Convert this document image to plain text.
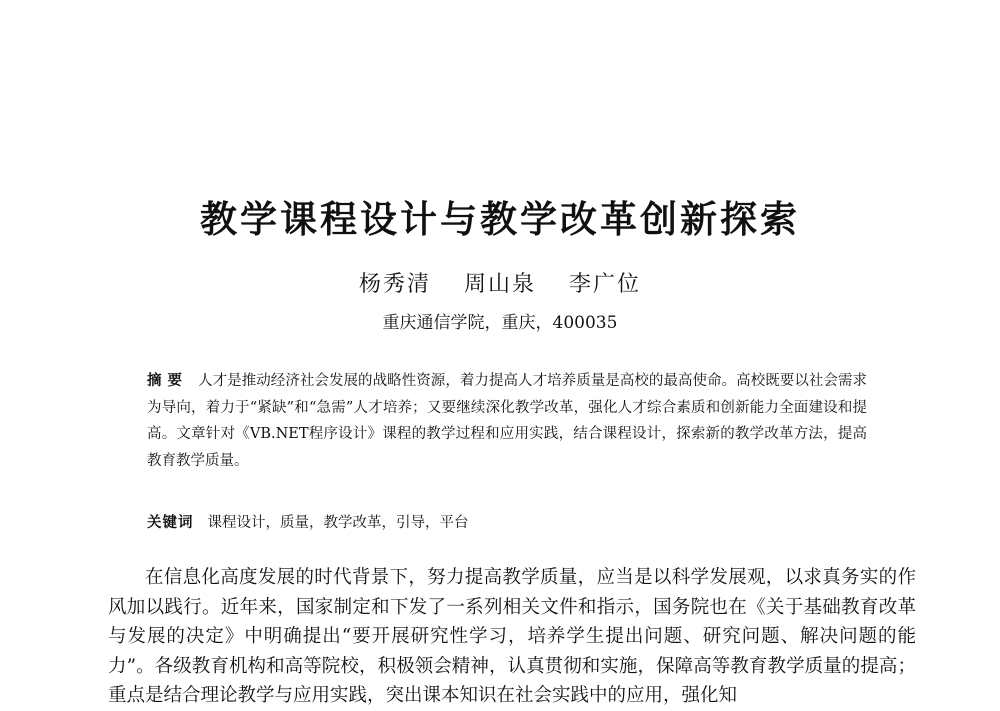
教学课程设计与教学改革创新探索
杨秀清 周山泉 李广位
重庆通信学院，重庆，400035
摘要 人才是推动经济社会发展的战略性资源，着力提高人才培养质量是高校的最高使命。高校既要以社会需求为导向，着力于“紧缺”和“急需”人才培养；又要继续深化教学改革，强化人才综合素质和创新能力全面建设和提高。文章针对《VB.NET程序设计》课程的教学过程和应用实践，结合课程设计，探索新的教学改革方法，提高教育教学质量。
关键词 课程设计，质量，教学改革，引导，平台

在信息化高度发展的时代背景下，努力提高教学质量，应当是以科学发展观，以求真务实的作风加以践行。近年来，国家制定和下发了一系列相关文件和指示，国务院也在《关于基础教育改革与发展的决定》中明确提出“要开展研究性学习，培养学生提出问题、研究问题、解决问题的能力”。各级教育机构和高等院校，积极领会精神，认真贯彻和实施，保障高等教育教学质量的提高；重点是结合理论教学与应用实践，突出课本知识在社会实践中的应用，强化知
